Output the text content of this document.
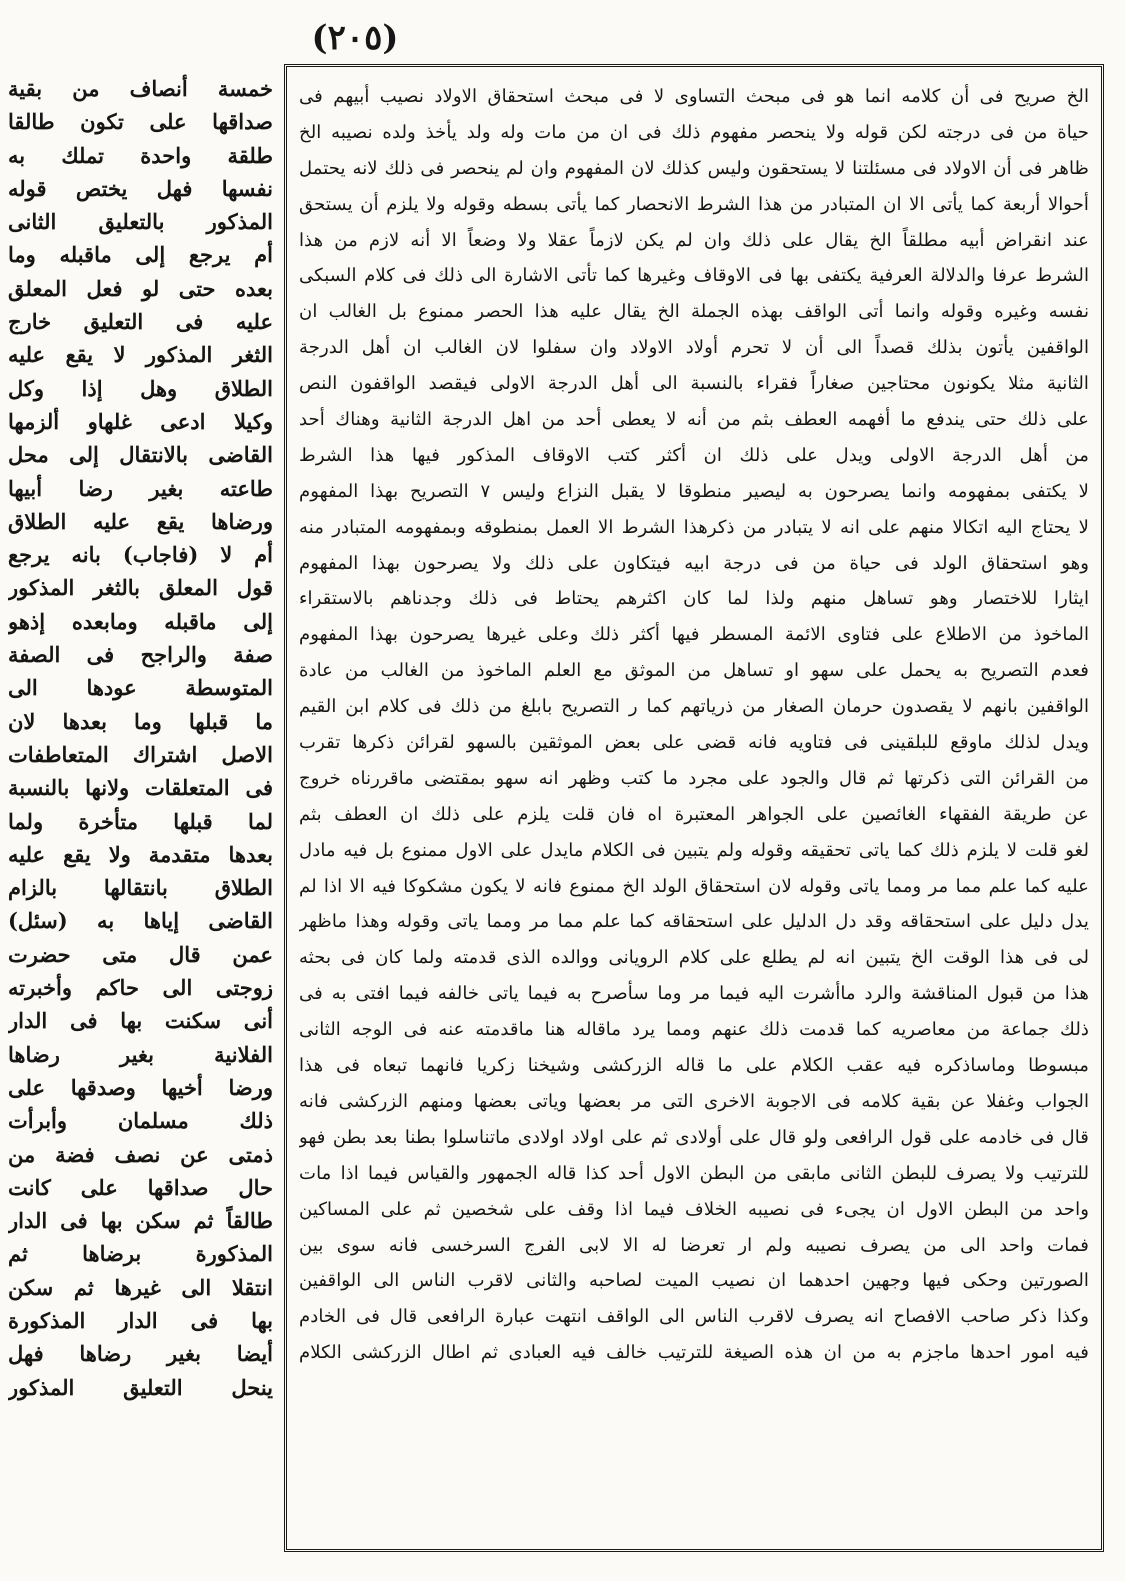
(٢٠٥)
الخ صريح فى أن كلامه انما هو فى مبحث التساوى لا فى مبحث استحقاق الاولاد نصيب أبيهم فى
حياة من فى درجته لكن قوله ولا ينحصر مفهوم ذلك فى ان من مات وله ولد يأخذ ولده نصيبه الخ
ظاهر فى أن الاولاد فى مسئلتنا لا يستحقون وليس كذلك لان المفهوم وان لم ينحصر فى ذلك لانه يحتمل
أحوالا أربعة كما يأتى الا ان المتبادر من هذا الشرط الانحصار كما يأتى بسطه وقوله ولا يلزم أن يستحق
عند انقراض أبيه مطلقاً الخ يقال على ذلك وان لم يكن لازماً عقلا ولا وضعاً الا أنه لازم من هذا
الشرط عرفا والدلالة العرفية يكتفى بها فى الاوقاف وغيرها كما تأتى الاشارة الى ذلك فى كلام السبكى
نفسه وغيره وقوله وانما أتى الواقف بهذه الجملة الخ يقال عليه هذا الحصر ممنوع بل الغالب ان
الواقفين يأتون بذلك قصداً الى أن لا تحرم أولاد الاولاد وان سفلوا لان الغالب ان أهل الدرجة
الثانية مثلا يكونون محتاجين صغاراً فقراء بالنسبة الى أهل الدرجة الاولى فيقصد الواقفون النص
على ذلك حتى يندفع ما أفهمه العطف بثم من أنه لا يعطى أحد من اهل الدرجة الثانية وهناك أحد
من أهل الدرجة الاولى ويدل على ذلك ان أكثر كتب الاوقاف المذكور فيها هذا الشرط
لا يكتفى بمفهومه وانما يصرحون به ليصير منطوقا لا يقبل النزاع وليس ٧ التصريح بهذا المفهوم
لا يحتاج اليه اتكالا منهم على انه لا يتبادر من ذكرهذا الشرط الا العمل بمنطوقه وبمفهومه المتبادر منه
وهو استحقاق الولد فى حياة من فى درجة ابيه فيتكاون على ذلك ولا يصرحون بهذا المفهوم
ايثارا للاختصار وهو تساهل منهم ولذا لما كان اكثرهم يحتاط فى ذلك وجدناهم بالاستقراء
الماخوذ من الاطلاع على فتاوى الائمة المسطر فيها أكثر ذلك وعلى غيرها يصرحون بهذا المفهوم
فعدم التصريح به يحمل على سهو او تساهل من الموثق مع العلم الماخوذ من الغالب من عادة
الواقفين بانهم لا يقصدون حرمان الصغار من ذرياتهم كما ر التصريح بابلغ من ذلك فى كلام ابن القيم
ويدل لذلك ماوقع للبلقينى فى فتاويه فانه قضى على بعض الموثقين بالسهو لقرائن ذكرها تقرب
من القرائن التى ذكرتها ثم قال والجود على مجرد ما كتب وظهر انه سهو بمقتضى ماقررناه خروج
عن طريقة الفقهاء الغائصين على الجواهر المعتبرة اه فان قلت يلزم على ذلك ان العطف بثم
لغو قلت لا يلزم ذلك كما ياتى تحقيقه وقوله ولم يتبين فى الكلام مايدل على الاول ممنوع بل فيه مادل
عليه كما علم مما مر ومما ياتى وقوله لان استحقاق الولد الخ ممنوع فانه لا يكون مشكوكا فيه الا اذا لم
يدل دليل على استحقاقه وقد دل الدليل على استحقاقه كما علم مما مر ومما ياتى وقوله وهذا ماظهر
لى فى هذا الوقت الخ يتبين انه لم يطلع على كلام الرويانى ووالده الذى قدمته ولما كان فى بحثه
هذا من قبول المناقشة والرد ماأشرت اليه فيما مر وما سأصرح به فيما ياتى خالفه فيما افتى به فى
ذلك جماعة من معاصريه كما قدمت ذلك عنهم ومما يرد ماقاله هنا ماقدمته عنه فى الوجه الثانى
مبسوطا وماساذكره فيه عقب الكلام على ما قاله الزركشى وشيخنا زكريا فانهما تبعاه فى هذا
الجواب وغفلا عن بقية كلامه فى الاجوبة الاخرى التى مر بعضها وياتى بعضها ومنهم الزركشى فانه
قال فى خادمه على قول الرافعى ولو قال على أولادى ثم على اولاد اولادى ماتناسلوا بطنا بعد بطن فهو
للترتيب ولا يصرف للبطن الثانى مابقى من البطن الاول أحد كذا قاله الجمهور والقياس فيما اذا مات
واحد من البطن الاول ان يجىء فى نصيبه الخلاف فيما اذا وقف على شخصين ثم على المساكين
فمات واحد الى من يصرف نصيبه ولم ار تعرضا له الا لابى الفرج السرخسى فانه سوى بين
الصورتين وحكى فيها وجهين احدهما ان نصيب الميت لصاحبه والثانى لاقرب الناس الى الواقفين
وكذا ذكر صاحب الافصاح انه يصرف لاقرب الناس الى الواقف انتهت عبارة الرافعى قال فى الخادم
فيه امور احدها ماجزم به من ان هذه الصيغة للترتيب خالف فيه العبادى ثم اطال الزركشى الكلام
خمسة أنصاف من بقية
صداقها على تكون طالقا
طلقة واحدة تملك به
نفسها فهل يختص قوله
المذكور بالتعليق الثانى
أم يرجع إلى ماقبله وما
بعده حتى لو فعل المعلق
عليه فى التعليق خارج
الثغر المذكور لا يقع عليه
الطلاق وهل إذا وكل
وكيلا ادعى غلهاو ألزمها
القاضى بالانتقال إلى محل
طاعته بغير رضا أبيها
ورضاها يقع عليه الطلاق
أم لا (فاجاب) بانه يرجع
قول المعلق بالثغر المذكور
إلى ماقبله ومابعده إذهو
صفة والراجح فى الصفة
المتوسطة عودها الى
ما قبلها وما بعدها لان
الاصل اشتراك المتعاطفات
فى المتعلقات ولانها بالنسبة
لما قبلها متأخرة ولما
بعدها متقدمة ولا يقع عليه
الطلاق بانتقالها بالزام
القاضى إياها به (سئل)
عمن قال متى حضرت
زوجتى الى حاكم وأخبرته
أنى سكنت بها فى الدار
الفلانية بغير رضاها
ورضا أخيها وصدقها على
ذلك مسلمان وأبرأت
ذمتى عن نصف فضة من
حال صداقها على كانت
طالقاً ثم سكن بها فى الدار
المذكورة برضاها ثم
انتقلا الى غيرها ثم سكن
بها فى الدار المذكورة
أيضا بغير رضاها فهل
ينحل التعليق المذكور
